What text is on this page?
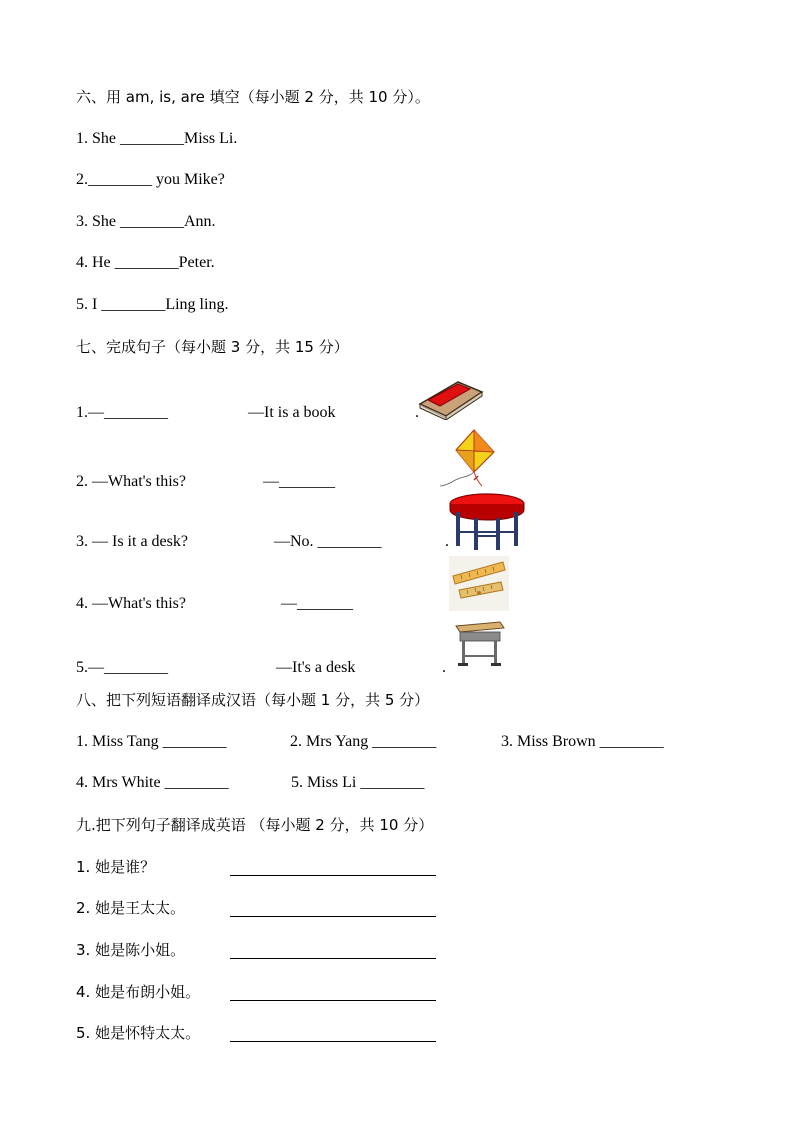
六、用 am, is, are 填空（每小题 2 分，共 10 分）。
1. She ________Miss Li.
2.________ you Mike?
3. She ________Ann.
4. He ________Peter.
5. I ________Ling ling.
七、完成句子（每小题 3 分，共 15 分）
1.—________	—It is a book	.
2. —What's this?	—_______
3. — Is it a desk?	—No. ________	.
4. —What's this?	—_______
5.—________	—It's a desk	.
八、把下列短语翻译成汉语（每小题 1 分，共 5 分）
1. Miss Tang ________	2. Mrs Yang ________	3. Miss Brown ________
4. Mrs White ________	5. Miss Li ________
九.把下列句子翻译成英语 （每小题 2 分，共 10 分）
1. 她是谁？
2. 她是王太太。
3. 她是陈小姐。
4. 她是布朗小姐。
5. 她是怀特太太。
